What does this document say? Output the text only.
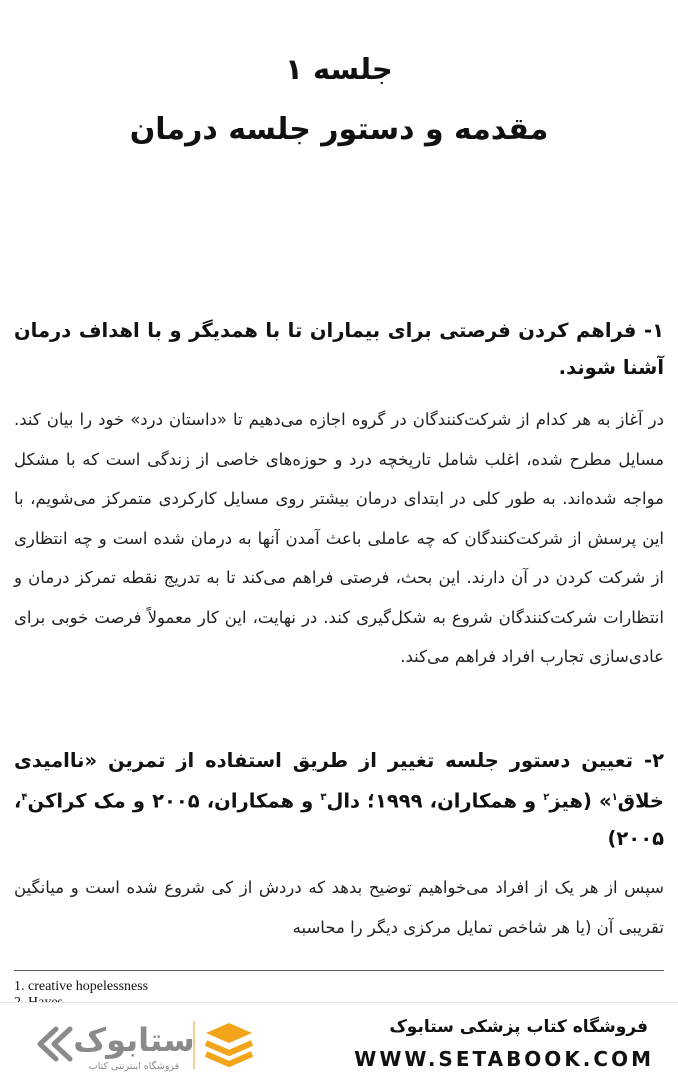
جلسه ۱
مقدمه و دستور جلسه درمان

۱- فراهم کردن فرصتی برای بیماران تا با همدیگر و با اهداف درمان آشنا شوند.

در آغاز به هر کدام از شرکت‌کنندگان در گروه اجازه می‌دهیم تا «داستان درد» خود را بیان کند. مسایل مطرح شده، اغلب شامل تاریخچه درد و حوزه‌های خاصی از زندگی است که با مشکل مواجه شده‌اند. به طور کلی در ابتدای درمان بیشتر روی مسایل کارکردی متمرکز می‌شویم، با این پرسش از شرکت‌کنندگان که چه عاملی باعث آمدن آنها به درمان شده است و چه انتظاری از شرکت کردن در آن دارند. این بحث، فرصتی فراهم می‌کند تا به تدریج نقطه تمرکز درمان و انتظارات شرکت‌کنندگان شروع به شکل‌گیری کند. در نهایت، این کار معمولاً فرصت خوبی برای عادی‌سازی تجارب افراد فراهم می‌کند.

۲- تعیین دستور جلسه تغییر از طریق استفاده از تمرین «ناامیدی خلاق$^۱$» (هیز$^۲$ و همکاران، ۱۹۹۹؛ دال$^۳$ و همکاران، ۲۰۰۵ و مک کراکن$^۴$، ۲۰۰۵)

سپس از هر یک از افراد می‌خواهیم توضیح بدهد که دردش از کی شروع شده است و میانگین تقریبی آن (یا هر شاخص تمایل مرکزی دیگر را محاسبه

1. creative hopelessness
ستابوک
فروشگاه اینترنتی کتاب
فروشگاه کتاب پزشکی ستابوک
WWW.SETABOOK.COM
